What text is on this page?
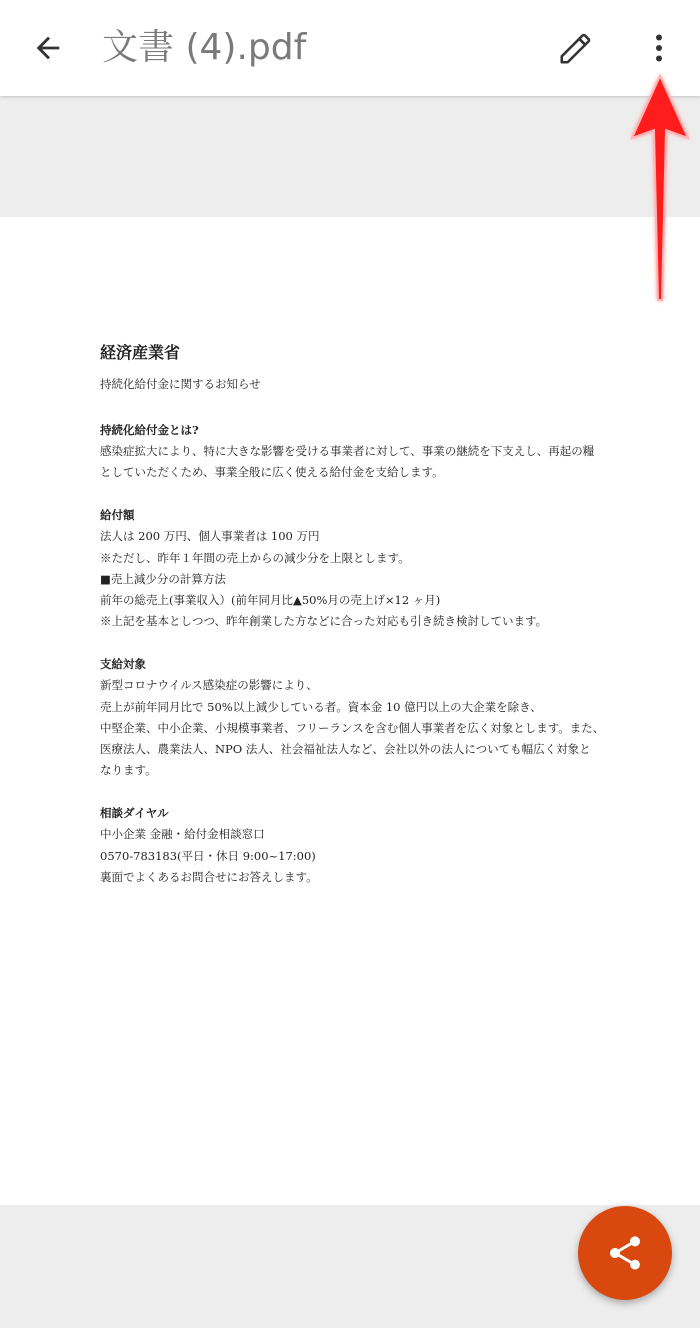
文書 (4).pdf
経済産業省
持続化給付金に関するお知らせ
持続化給付金とは?
感染症拡大により、特に大きな影響を受ける事業者に対して、事業の継続を下支えし、再起の糧
としていただくため、事業全般に広く使える給付金を支給します。
給付額
法人は 200 万円、個人事業者は 100 万円
※ただし、昨年１年間の売上からの減少分を上限とします。
■売上減少分の計算方法
前年の総売上(事業収入）(前年同月比▲50%月の売上げ×12 ヶ月)
※上記を基本としつつ、昨年創業した方などに合った対応も引き続き検討しています。
支給対象
新型コロナウイルス感染症の影響により、
売上が前年同月比で 50%以上減少している者。資本金 10 億円以上の大企業を除き、
中堅企業、中小企業、小規模事業者、フリーランスを含む個人事業者を広く対象とします。また、
医療法人、農業法人、NPO 法人、社会福祉法人など、会社以外の法人についても幅広く対象と
なります。
相談ダイヤル
中小企業 金融・給付金相談窓口
0570-783183(平日・休日 9:00~17:00)
裏面でよくあるお問合せにお答えします。
